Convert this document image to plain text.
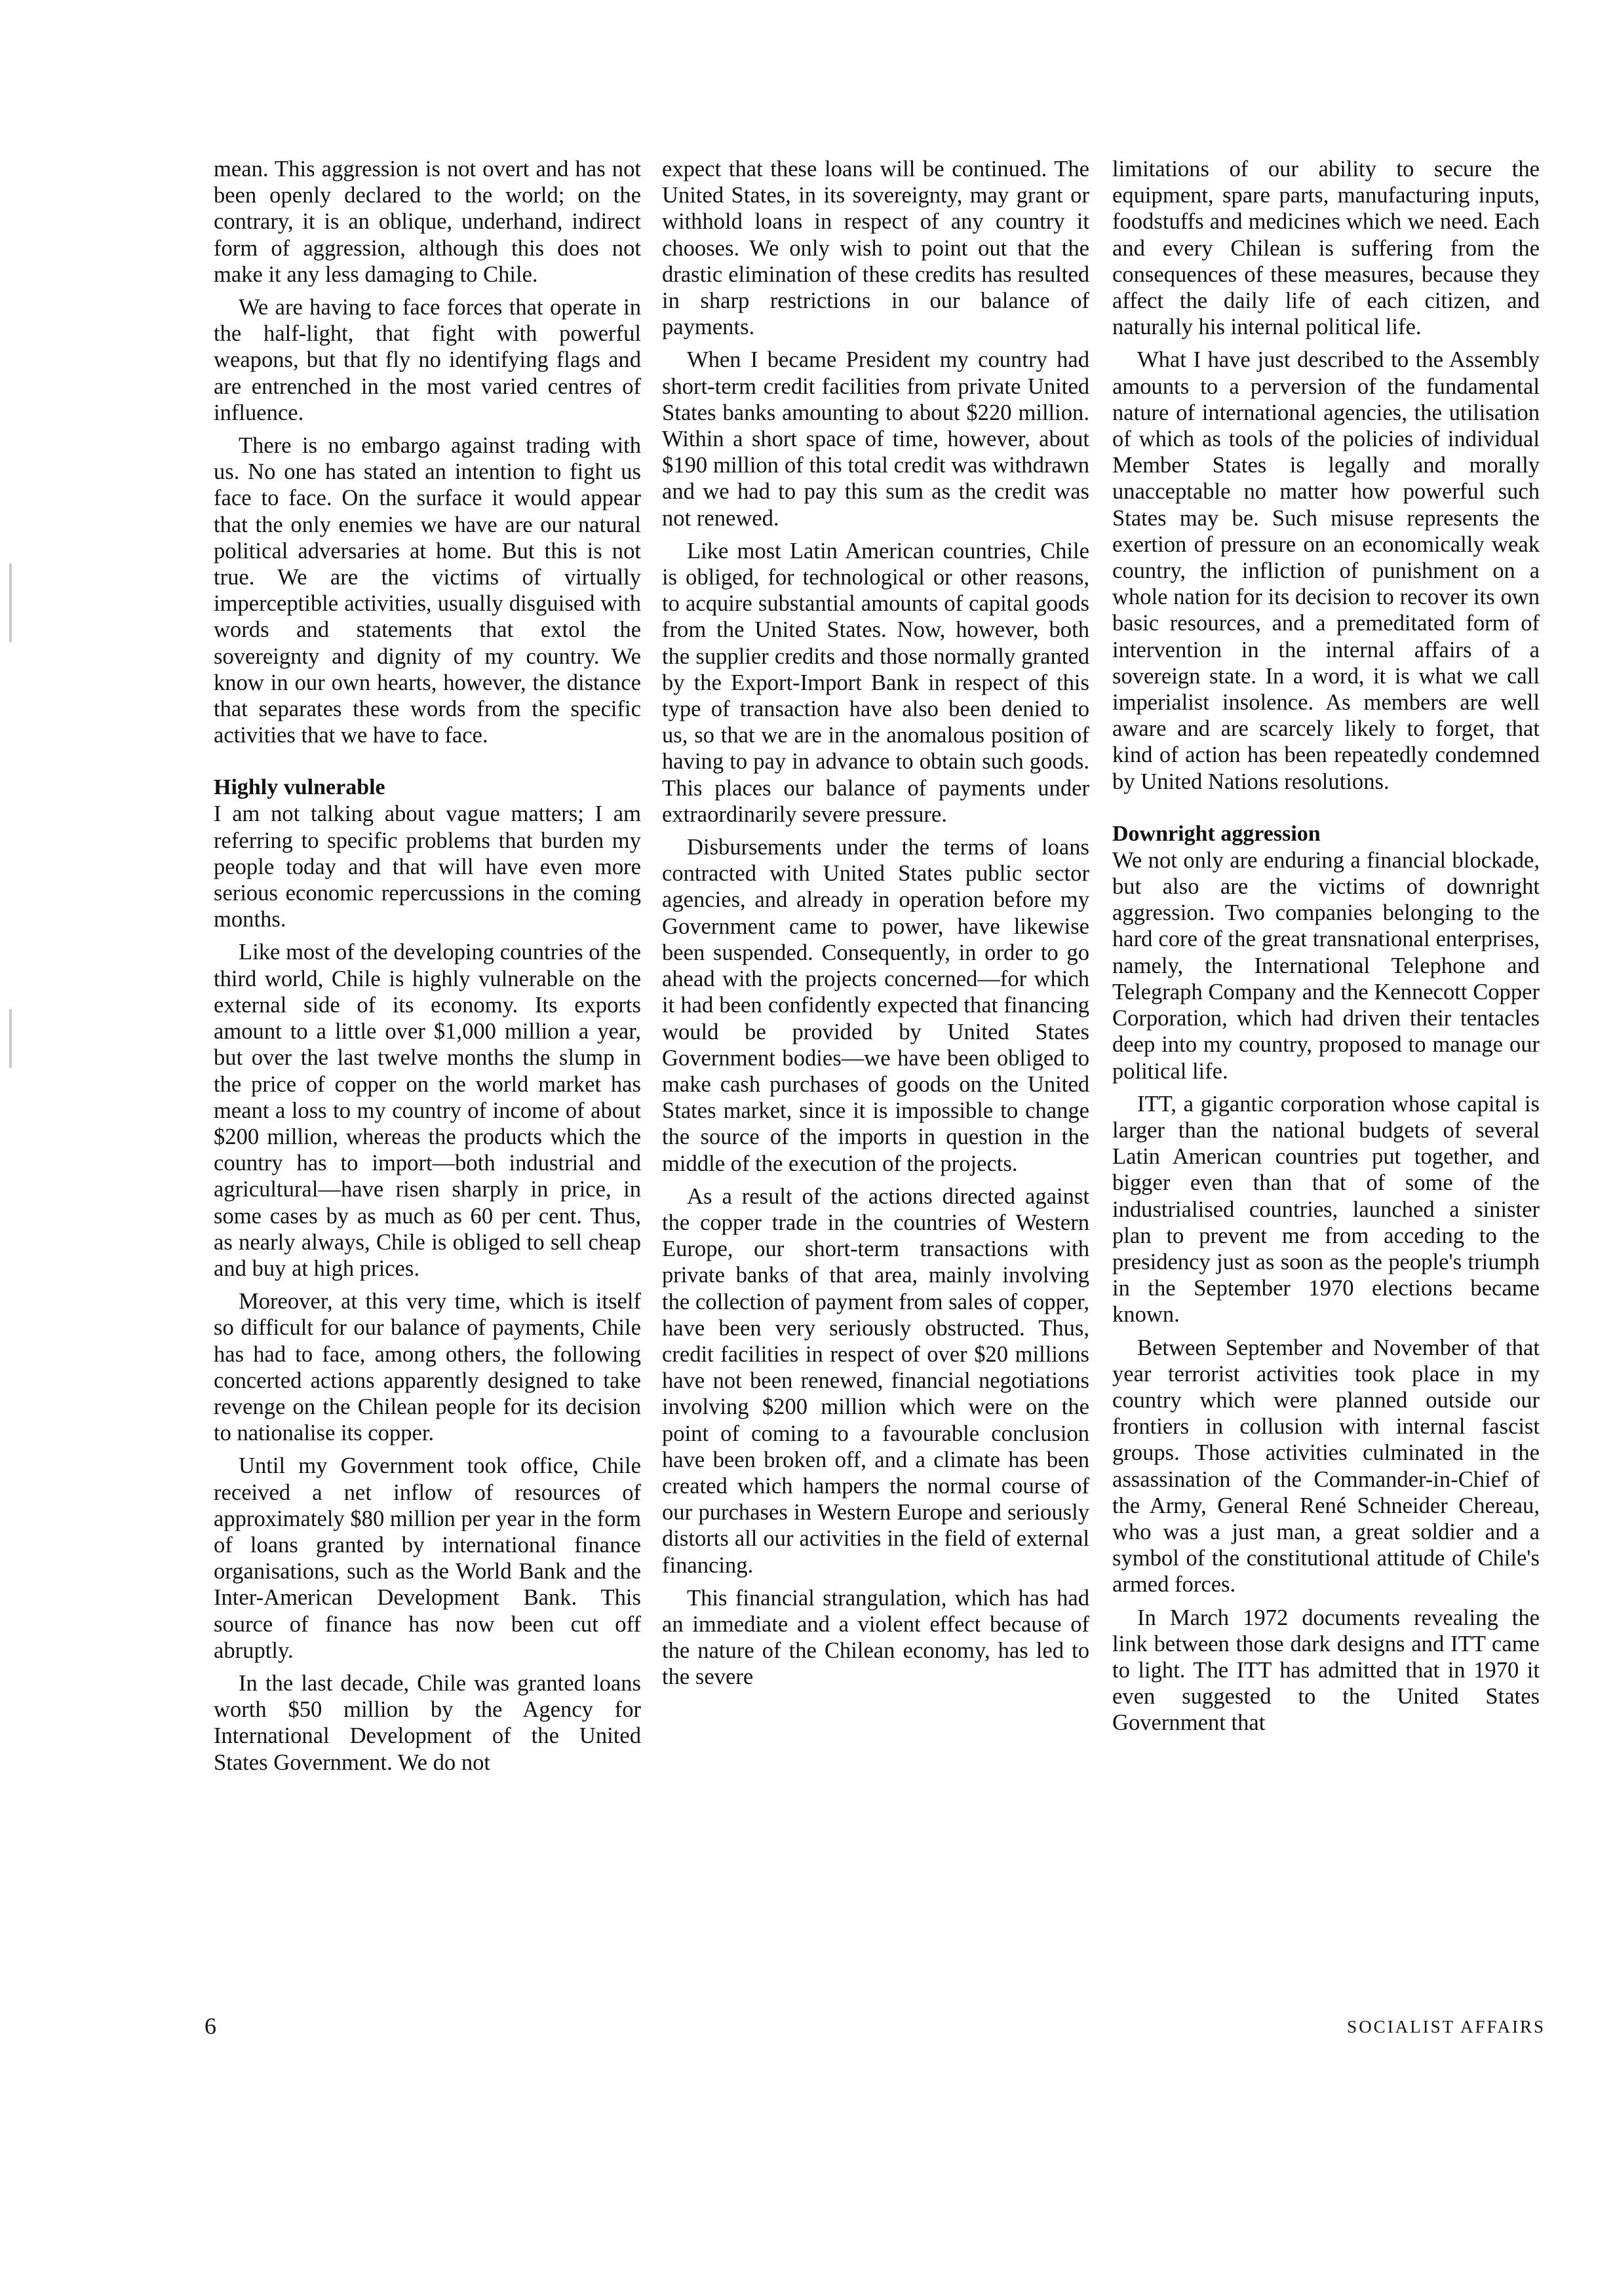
mean. This aggression is not overt and has not been openly declared to the world; on the contrary, it is an oblique, underhand, indirect form of aggression, although this does not make it any less damaging to Chile.

We are having to face forces that operate in the half-light, that fight with powerful weapons, but that fly no identifying flags and are entrenched in the most varied centres of influence.

There is no embargo against trading with us. No one has stated an intention to fight us face to face. On the surface it would appear that the only enemies we have are our natural political adversaries at home. But this is not true. We are the victims of virtually imperceptible activities, usually disguised with words and statements that extol the sovereignty and dignity of my country. We know in our own hearts, however, the distance that separates these words from the specific activities that we have to face.

Highly vulnerable

I am not talking about vague matters; I am referring to specific problems that burden my people today and that will have even more serious economic repercussions in the coming months.

Like most of the developing countries of the third world, Chile is highly vulnerable on the external side of its economy. Its exports amount to a little over $1,000 million a year, but over the last twelve months the slump in the price of copper on the world market has meant a loss to my country of income of about $200 million, whereas the products which the country has to import—both industrial and agricultural—have risen sharply in price, in some cases by as much as 60 per cent. Thus, as nearly always, Chile is obliged to sell cheap and buy at high prices.

Moreover, at this very time, which is itself so difficult for our balance of payments, Chile has had to face, among others, the following concerted actions apparently designed to take revenge on the Chilean people for its decision to nationalise its copper.

Until my Government took office, Chile received a net inflow of resources of approximately $80 million per year in the form of loans granted by international finance organisations, such as the World Bank and the Inter-American Development Bank. This source of finance has now been cut off abruptly.

In the last decade, Chile was granted loans worth $50 million by the Agency for International Development of the United States Government. We do not

expect that these loans will be continued. The United States, in its sovereignty, may grant or withhold loans in respect of any country it chooses. We only wish to point out that the drastic elimination of these credits has resulted in sharp restrictions in our balance of payments.

When I became President my country had short-term credit facilities from private United States banks amounting to about $220 million. Within a short space of time, however, about $190 million of this total credit was withdrawn and we had to pay this sum as the credit was not renewed.

Like most Latin American countries, Chile is obliged, for technological or other reasons, to acquire substantial amounts of capital goods from the United States. Now, however, both the supplier credits and those normally granted by the Export-Import Bank in respect of this type of transaction have also been denied to us, so that we are in the anomalous position of having to pay in advance to obtain such goods. This places our balance of payments under extraordinarily severe pressure.

Disbursements under the terms of loans contracted with United States public sector agencies, and already in operation before my Government came to power, have likewise been suspended. Consequently, in order to go ahead with the projects concerned—for which it had been confidently expected that financing would be provided by United States Government bodies—we have been obliged to make cash purchases of goods on the United States market, since it is impossible to change the source of the imports in question in the middle of the execution of the projects.

As a result of the actions directed against the copper trade in the countries of Western Europe, our short-term transactions with private banks of that area, mainly involving the collection of payment from sales of copper, have been very seriously obstructed. Thus, credit facilities in respect of over $20 millions have not been renewed, financial negotiations involving $200 million which were on the point of coming to a favourable conclusion have been broken off, and a climate has been created which hampers the normal course of our purchases in Western Europe and seriously distorts all our activities in the field of external financing.

This financial strangulation, which has had an immediate and a violent effect because of the nature of the Chilean economy, has led to the severe

limitations of our ability to secure the equipment, spare parts, manufacturing inputs, foodstuffs and medicines which we need. Each and every Chilean is suffering from the consequences of these measures, because they affect the daily life of each citizen, and naturally his internal political life.

What I have just described to the Assembly amounts to a perversion of the fundamental nature of international agencies, the utilisation of which as tools of the policies of individual Member States is legally and morally unacceptable no matter how powerful such States may be. Such misuse represents the exertion of pressure on an economically weak country, the infliction of punishment on a whole nation for its decision to recover its own basic resources, and a premeditated form of intervention in the internal affairs of a sovereign state. In a word, it is what we call imperialist insolence. As members are well aware and are scarcely likely to forget, that kind of action has been repeatedly condemned by United Nations resolutions.

Downright aggression

We not only are enduring a financial blockade, but also are the victims of downright aggression. Two companies belonging to the hard core of the great transnational enterprises, namely, the International Telephone and Telegraph Company and the Kennecott Copper Corporation, which had driven their tentacles deep into my country, proposed to manage our political life.

ITT, a gigantic corporation whose capital is larger than the national budgets of several Latin American countries put together, and bigger even than that of some of the industrialised countries, launched a sinister plan to prevent me from acceding to the presidency just as soon as the people's triumph in the September 1970 elections became known.

Between September and November of that year terrorist activities took place in my country which were planned outside our frontiers in collusion with internal fascist groups. Those activities culminated in the assassination of the Commander-in-Chief of the Army, General René Schneider Chereau, who was a just man, a great soldier and a symbol of the constitutional attitude of Chile's armed forces.

In March 1972 documents revealing the link between those dark designs and ITT came to light. The ITT has admitted that in 1970 it even suggested to the United States Government that

6	SOCIALIST AFFAIRS
